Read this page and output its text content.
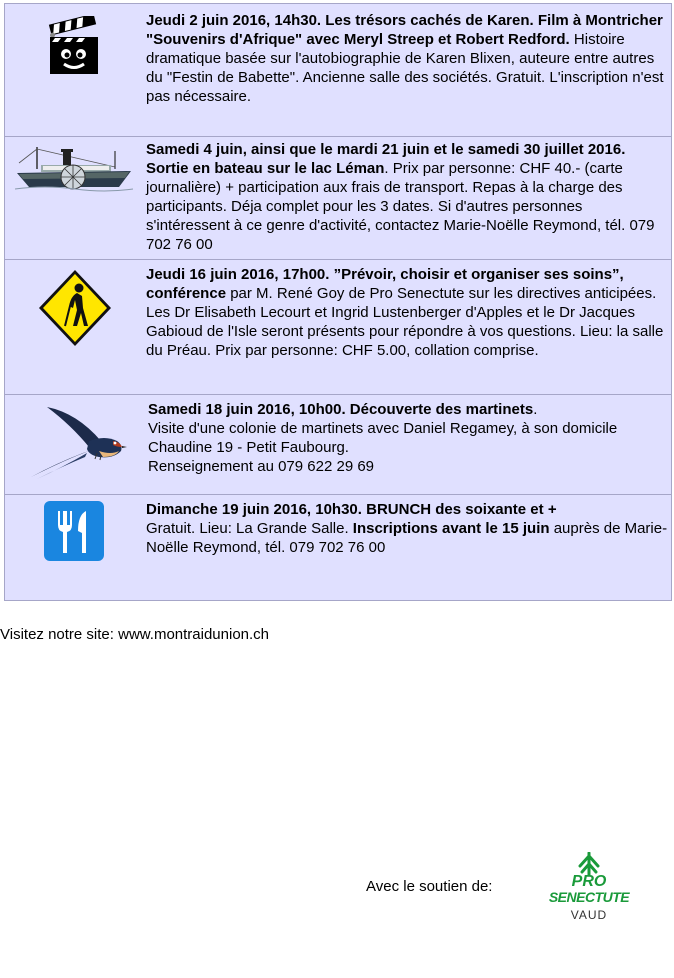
Jeudi 2 juin 2016, 14h30. Les trésors cachés de Karen. Film à Montricher "Souvenirs d'Afrique" avec Meryl Streep et Robert Redford. Histoire dramatique basée sur l'autobiographie de Karen Blixen, auteure entre autres du "Festin de Babette". Ancienne salle des sociétés. Gratuit. L'inscription n'est pas nécessaire.
Samedi 4 juin, ainsi que le mardi 21 juin et le samedi 30 juillet 2016. Sortie en bateau sur le lac Léman. Prix par personne: CHF 40.- (carte journalière) + participation aux frais de transport. Repas à la charge des participants. Déja complet pour les 3 dates. Si d'autres personnes s'intéressent à ce genre d'activité, contactez Marie-Noëlle Reymond, tél. 079 702 76 00
Jeudi 16 juin 2016, 17h00. ”Prévoir, choisir et organiser ses soins”, conférence par M. René Goy de Pro Senectute sur les directives anticipées. Les Dr Elisabeth Lecourt et Ingrid Lustenberger d'Apples et le Dr Jacques Gabioud de l'Isle seront présents pour répondre à vos questions. Lieu: la salle du Préau. Prix par personne: CHF 5.00, collation comprise.
Samedi 18 juin 2016, 10h00. Découverte des martinets.
Visite d'une colonie de martinets avec Daniel Regamey, à son domicile Chaudine 19 - Petit Faubourg.
Renseignement au 079 622 29 69
Dimanche 19 juin 2016, 10h30. BRUNCH des soixante et +
Gratuit. Lieu: La Grande Salle. Inscriptions avant le 15 juin auprès de Marie-Noëlle Reymond, tél. 079 702 76 00
Visitez notre site: www.montraidunion.ch
Avec le soutien de:	PRO
SENECTUTE
VAUD
